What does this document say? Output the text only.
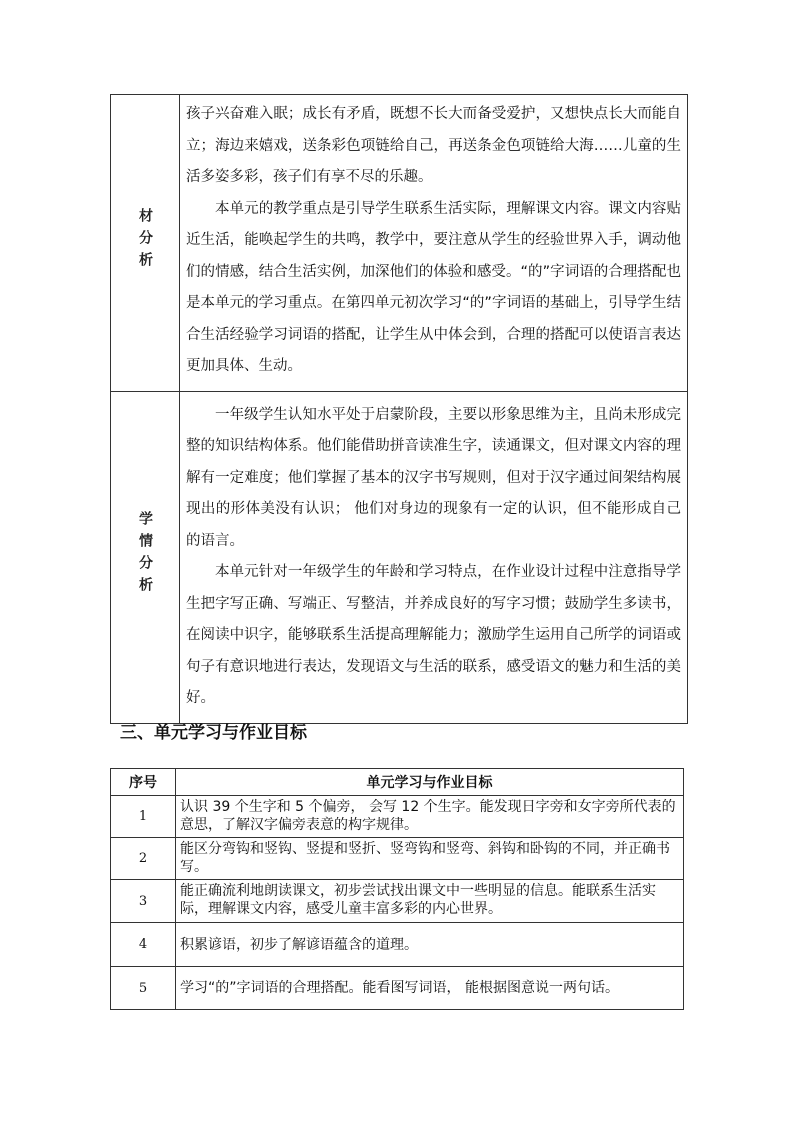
材分析	孩子兴奋难入眠；成长有矛盾，既想不长大而备受爱护，又想快点长大而能自立；海边来嬉戏，送条彩色项链给自己，再送条金色项链给大海……儿童的生活多姿多彩，孩子们有享不尽的乐趣。

本单元的教学重点是引导学生联系生活实际，理解课文内容。课文内容贴近生活，能唤起学生的共鸣，教学中，要注意从学生的经验世界入手，调动他们的情感，结合生活实例，加深他们的体验和感受。“的”字词语的合理搭配也是本单元的学习重点。在第四单元初次学习“的”字词语的基础上，引导学生结合生活经验学习词语的搭配，让学生从中体会到，合理的搭配可以使语言表达更加具体、生动。

学情分析	一年级学生认知水平处于启蒙阶段，主要以形象思维为主，且尚未形成完整的知识结构体系。他们能借助拼音读准生字，读通课文，但对课文内容的理解有一定难度；他们掌握了基本的汉字书写规则，但对于汉字通过间架结构展现出的形体美没有认识； 他们对身边的现象有一定的认识，但不能形成自己的语言。

本单元针对一年级学生的年龄和学习特点，在作业设计过程中注意指导学生把字写正确、写端正、写整洁，并养成良好的写字习惯；鼓励学生多读书，在阅读中识字，能够联系生活提高理解能力；激励学生运用自己所学的词语或句子有意识地进行表达，发现语文与生活的联系，感受语文的魅力和生活的美好。

三、单元学习与作业目标
序号	单元学习与作业目标
1	认识 39 个生字和 5 个偏旁， 会写 12 个生字。能发现日字旁和女字旁所代表的意思，了解汉字偏旁表意的构字规律。
2	能区分弯钩和竖钩、竖提和竖折、竖弯钩和竖弯、斜钩和卧钩的不同，并正确书写。
3	能正确流利地朗读课文，初步尝试找出课文中一些明显的信息。能联系生活实际，理解课文内容，感受儿童丰富多彩的内心世界。
4	积累谚语，初步了解谚语蕴含的道理。
5	学习“的”字词语的合理搭配。能看图写词语， 能根据图意说一两句话。
